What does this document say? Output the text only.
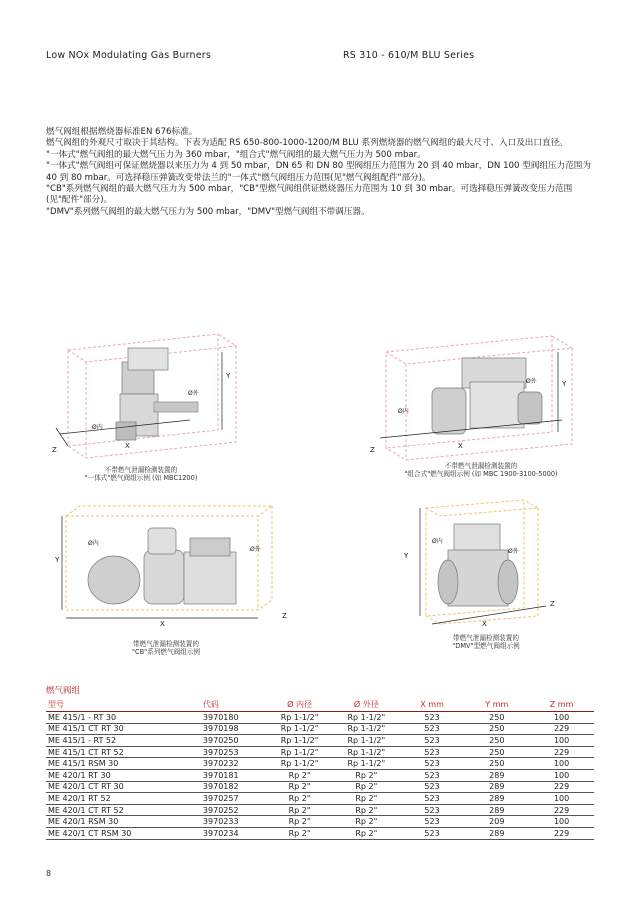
Low NOx Modulating Gas Burners	RS 310 - 610/M BLU Series

燃气阀组根据燃烧器标准EN 676标准。

燃气阀组的外观尺寸取决于其结构。下表为适配 RS 650-800-1000-1200/M BLU 系列燃烧器的燃气阀组的最大尺寸、入口及出口直径。

"一体式"燃气阀组的最大燃气压力为 360 mbar，"组合式"燃气阀组的最大燃气压力为 500 mbar。

"一体式"燃气阀组可保证燃烧器以来压力为 4 到 50 mbar，DN 65 和 DN 80 型阀组压力范围为 20 到 40 mbar，DN 100 型阀组压力范围为 40 到 80 mbar。可选择稳压弹簧改变带法兰的"一体式"燃气阀组压力范围(见"燃气阀组配件"部分)。

"CB"系列燃气阀组的最大燃气压力为 500 mbar，"CB"型燃气阀组供证燃烧器压力范围为 10 到 30 mbar。可选择稳压弹簧改变压力范围(见"配件"部分)。

"DMV"系列燃气阀组的最大燃气压力为 500 mbar，"DMV"型燃气阀组不带调压器。

X
Y
Z
Ø外
Ø内
不带燃气泄漏检测装置的
"一体式"燃气阀组示例 (如 MBC1200)
X
Y
Z
Ø内
Ø外
不带燃气泄漏检测装置的
"组合式"燃气阀组示例 (如 MBC 1900-3100-5000)
X
Y
Z
Ø内
Ø外
带燃气泄漏检测装置的
"CB"系列燃气阀组示例
Y
X
Z
Ø内
Ø外
带燃气泄漏检测装置的
"DMV"型燃气阀组示例
燃气阀组
型号	代码	Ø 内径	Ø 外径	X mm	Y mm	Z mm
ME 415/1 - RT 30	3970180	Rp 1-1/2"	Rp 1-1/2"	523	250	100
ME 415/1 CT RT 30	3970198	Rp 1-1/2"	Rp 1-1/2"	523	250	229
ME 415/1 - RT 52	3970250	Rp 1-1/2"	Rp 1-1/2"	523	250	100
ME 415/1 CT RT 52	3970253	Rp 1-1/2"	Rp 1-1/2"	523	250	229
ME 415/1 RSM 30	3970232	Rp 1-1/2"	Rp 1-1/2"	523	250	100
ME 420/1 RT 30	3970181	Rp 2"	Rp 2"	523	289	100
ME 420/1 CT RT 30	3970182	Rp 2"	Rp 2"	523	289	229
ME 420/1 RT 52	3970257	Rp 2"	Rp 2"	523	289	100
ME 420/1 CT RT 52	3970252	Rp 2"	Rp 2"	523	289	229
ME 420/1 RSM 30	3970233	Rp 2"	Rp 2"	523	209	100
ME 420/1 CT RSM 30	3970234	Rp 2"	Rp 2"	523	289	229
8
